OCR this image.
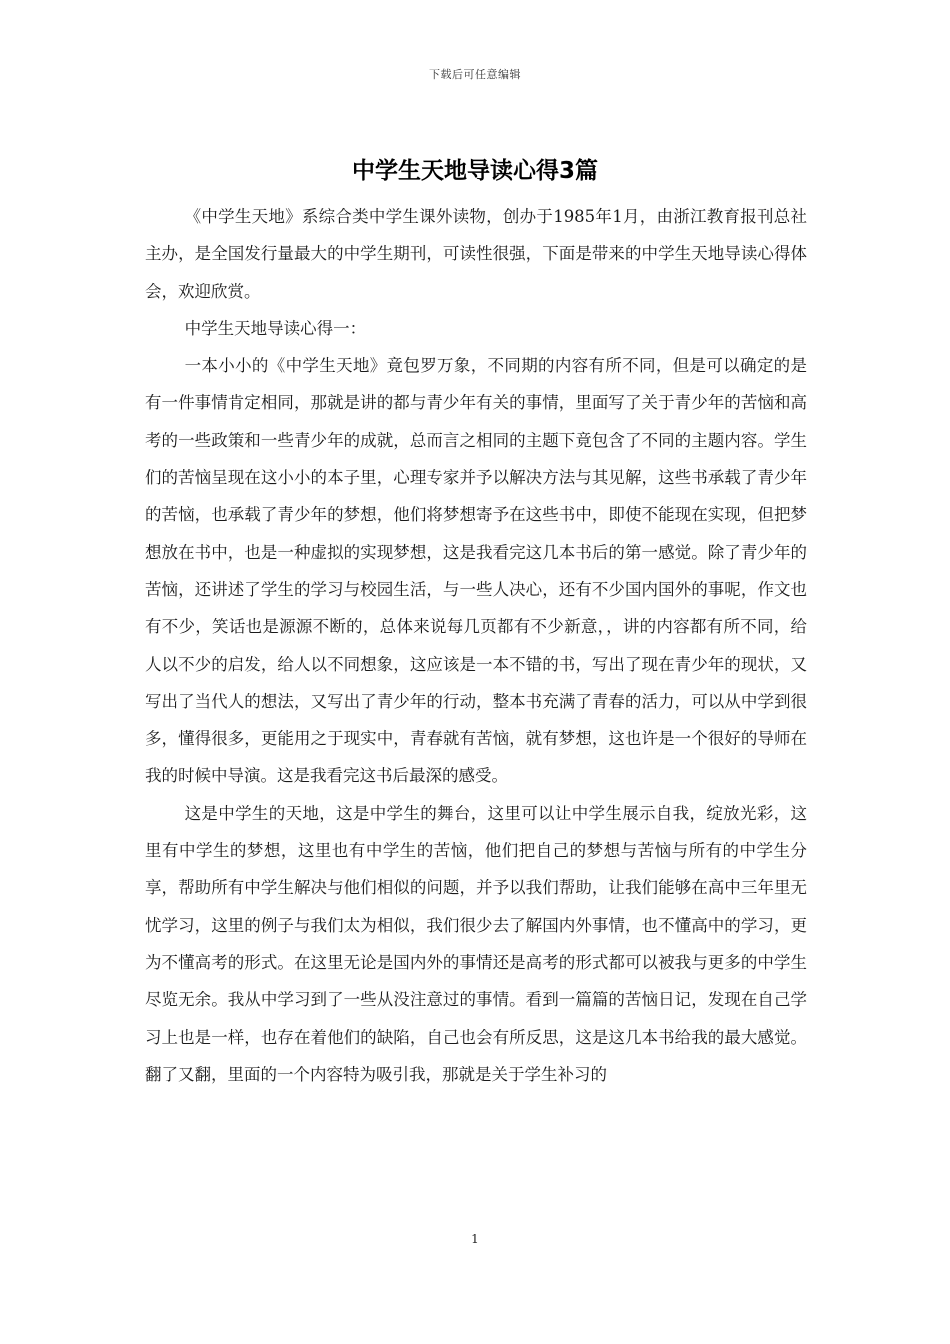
下载后可任意编辑
中学生天地导读心得3篇

《中学生天地》系综合类中学生课外读物，创办于1985年1月，由浙江教育报刊总社主办，是全国发行量最大的中学生期刊，可读性很强，下面是带来的中学生天地导读心得体会，欢迎欣赏。

中学生天地导读心得一：

一本小小的《中学生天地》竟包罗万象，不同期的内容有所不同，但是可以确定的是有一件事情肯定相同，那就是讲的都与青少年有关的事情，里面写了关于青少年的苦恼和高考的一些政策和一些青少年的成就，总而言之相同的主题下竟包含了不同的主题内容。学生们的苦恼呈现在这小小的本子里，心理专家并予以解决方法与其见解，这些书承载了青少年的苦恼，也承载了青少年的梦想，他们将梦想寄予在这些书中，即使不能现在实现，但把梦想放在书中，也是一种虚拟的实现梦想，这是我看完这几本书后的第一感觉。除了青少年的苦恼，还讲述了学生的学习与校园生活，与一些人决心，还有不少国内国外的事呢，作文也有不少，笑话也是源源不断的，总体来说每几页都有不少新意，，讲的内容都有所不同，给人以不少的启发，给人以不同想象，这应该是一本不错的书，写出了现在青少年的现状，又写出了当代人的想法，又写出了青少年的行动，整本书充满了青春的活力，可以从中学到很多，懂得很多，更能用之于现实中，青春就有苦恼，就有梦想，这也许是一个很好的导师在我的时候中导演。这是我看完这书后最深的感受。

这是中学生的天地，这是中学生的舞台，这里可以让中学生展示自我，绽放光彩，这里有中学生的梦想，这里也有中学生的苦恼，他们把自己的梦想与苦恼与所有的中学生分享，帮助所有中学生解决与他们相似的问题，并予以我们帮助，让我们能够在高中三年里无忧学习，这里的例子与我们太为相似，我们很少去了解国内外事情，也不懂高中的学习，更为不懂高考的形式。在这里无论是国内外的事情还是高考的形式都可以被我与更多的中学生尽览无余。我从中学习到了一些从没注意过的事情。看到一篇篇的苦恼日记，发现在自己学习上也是一样，也存在着他们的缺陷，自己也会有所反思，这是这几本书给我的最大感觉。翻了又翻，里面的一个内容特为吸引我，那就是关于学生补习的

1
